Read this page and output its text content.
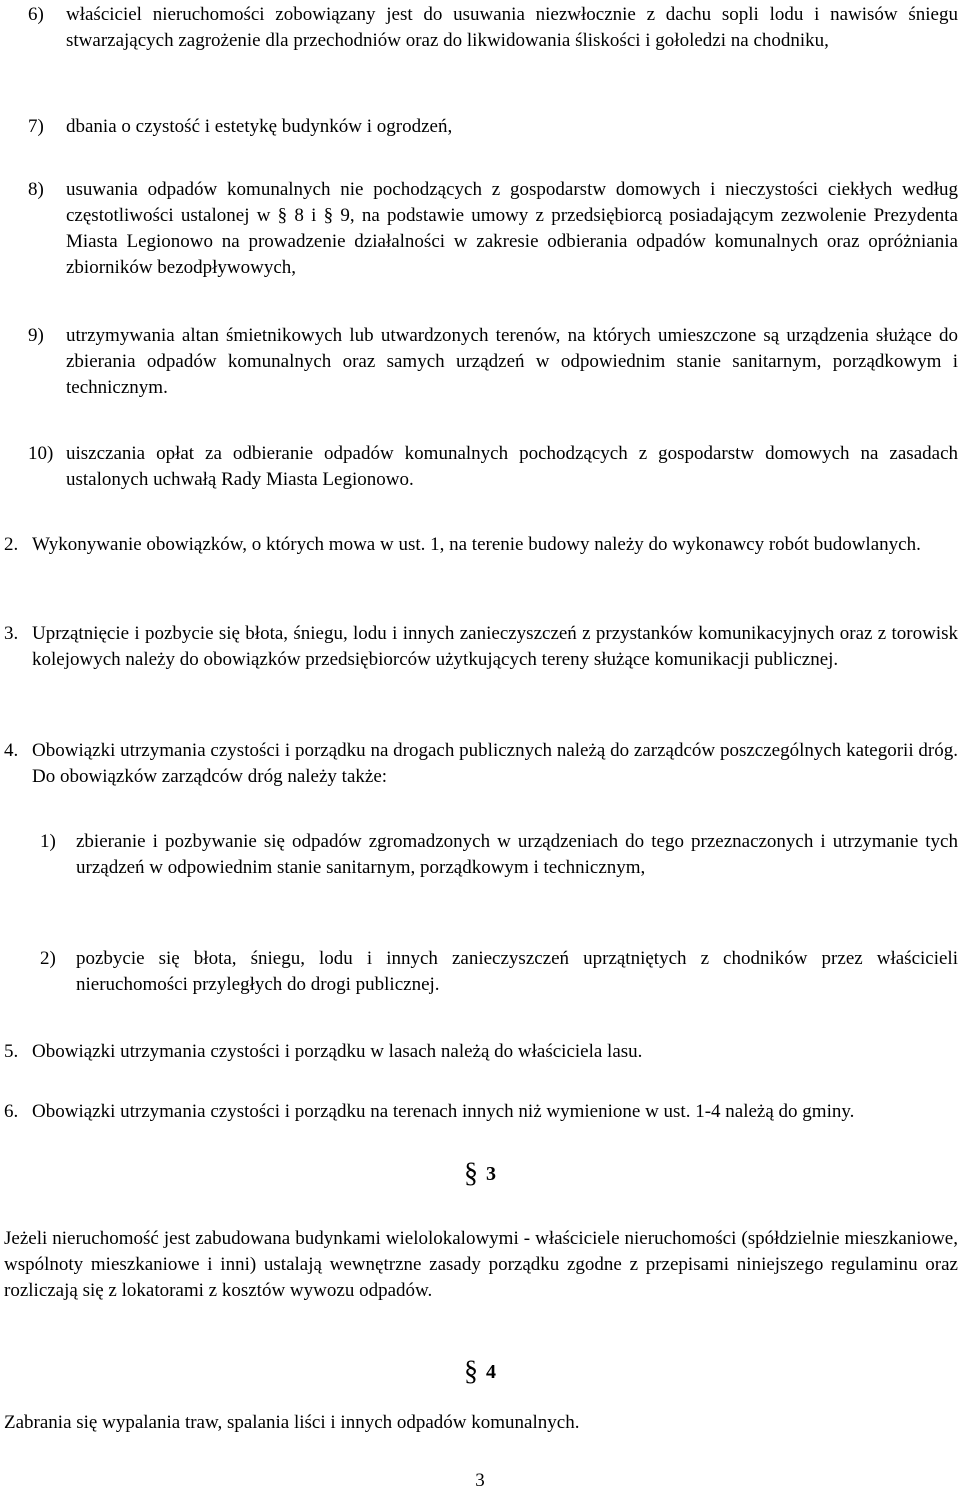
6)	właściciel nieruchomości zobowiązany jest do usuwania niezwłocznie z dachu sopli lodu i nawisów śniegu stwarzających zagrożenie dla przechodniów oraz do likwidowania śliskości i gołoledzi na chodniku,
7)	dbania o czystość i estetykę budynków i ogrodzeń,
8)	usuwania odpadów komunalnych nie pochodzących z gospodarstw domowych i nieczystości ciekłych według częstotliwości ustalonej w § 8 i § 9, na podstawie umowy z przedsiębiorcą posiadającym zezwolenie Prezydenta Miasta Legionowo na prowadzenie działalności w zakresie odbierania odpadów komunalnych oraz opróżniania zbiorników bezodpływowych,
9)	utrzymywania altan śmietnikowych lub utwardzonych terenów, na których umieszczone są urządzenia służące do zbierania odpadów komunalnych oraz samych urządzeń w odpowiednim stanie sanitarnym, porządkowym i technicznym.
10) uiszczania opłat za odbieranie odpadów komunalnych pochodzących z gospodarstw domowych na zasadach ustalonych uchwałą Rady Miasta Legionowo.
2. Wykonywanie obowiązków, o których mowa w ust. 1, na terenie budowy należy do wykonawcy robót budowlanych.
3. Uprzątnięcie i pozbycie się błota, śniegu, lodu i innych zanieczyszczeń z przystanków komunikacyjnych oraz z torowisk kolejowych należy do obowiązków przedsiębiorców użytkujących tereny służące komunikacji publicznej.
4. Obowiązki utrzymania czystości i porządku na drogach publicznych należą do zarządców poszczególnych kategorii dróg. Do obowiązków zarządców dróg należy także:
1)	zbieranie i pozbywanie się odpadów zgromadzonych w urządzeniach do tego przeznaczonych i utrzymanie tych urządzeń w odpowiednim stanie sanitarnym, porządkowym i technicznym,
2)	pozbycie się błota, śniegu, lodu i innych zanieczyszczeń uprzątniętych z chodników przez właścicieli nieruchomości przyległych do drogi publicznej.
5. Obowiązki utrzymania czystości i porządku w lasach należą do właściciela lasu.
6. Obowiązki utrzymania czystości i porządku na terenach innych niż wymienione w ust. 1-4 należą do gminy.
§ 3
Jeżeli nieruchomość jest zabudowana budynkami wielolokalowymi - właściciele nieruchomości (spółdzielnie mieszkaniowe, wspólnoty mieszkaniowe i inni) ustalają wewnętrzne zasady porządku zgodne z przepisami niniejszego regulaminu oraz rozliczają się z lokatorami z kosztów wywozu odpadów.
§ 4
Zabrania się wypalania traw, spalania liści i innych odpadów komunalnych.
3
